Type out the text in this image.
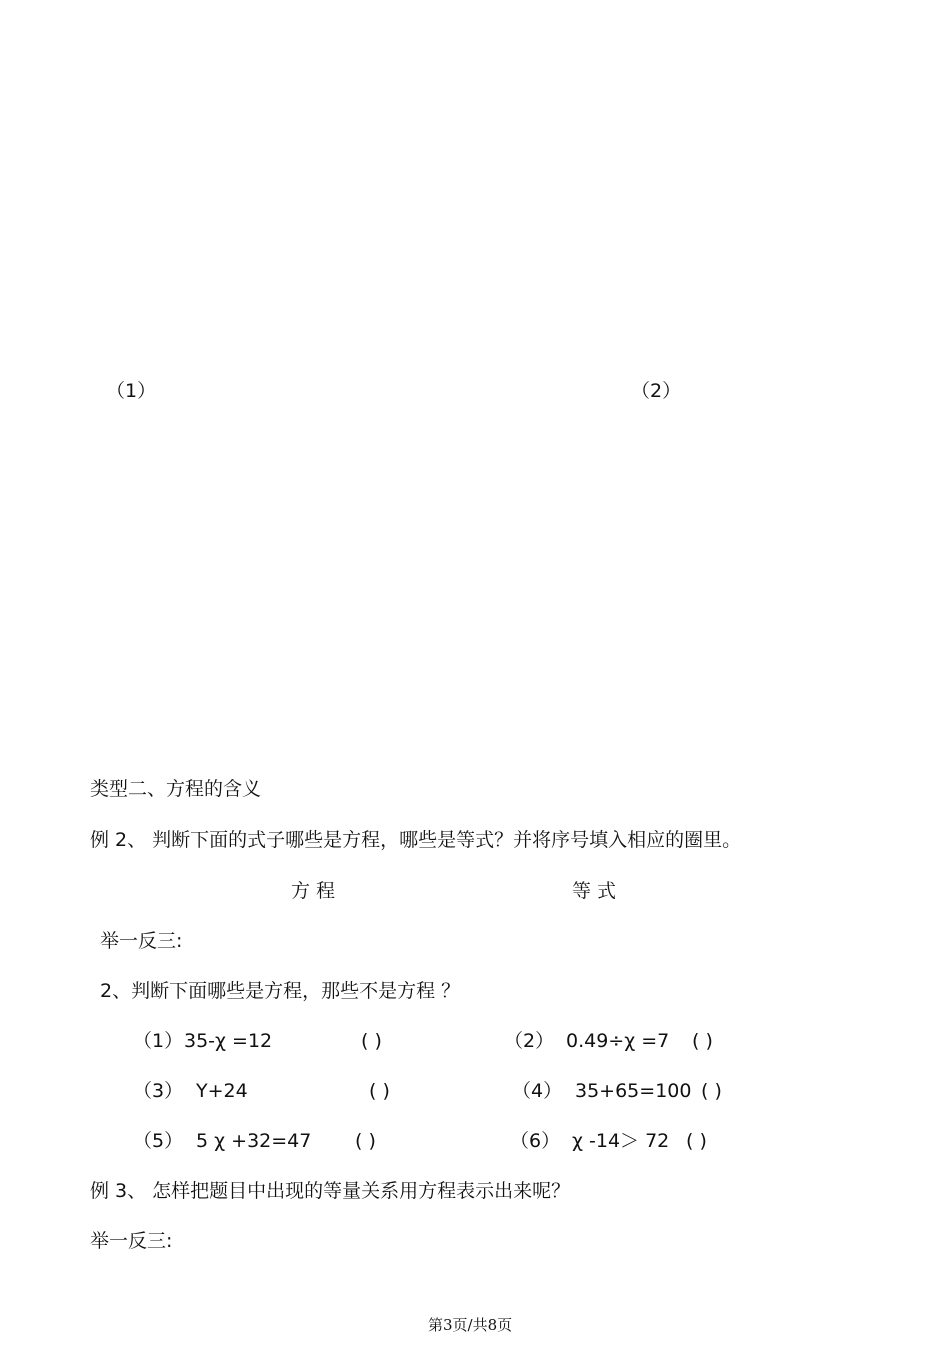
（1）	（2）
类型二、方程的含义
例 2、 判断下面的式子哪些是方程，哪些是等式？并将序号填入相应的圈里。
方 程	等 式
举一反三:
2、判断下面哪些是方程，那些不是方程 ？
（1） 35-χ =12	( )	（2） 0.49÷χ =7 ( )
（3） Y+24	( )	（4） 35+65=100 ( )
（5） 5 χ +32=47 ( )	（6） χ -14＞ 72 ( )
例 3、 怎样把题目中出现的等量关系用方程表示出来呢？
举一反三:
第3页/共8页
